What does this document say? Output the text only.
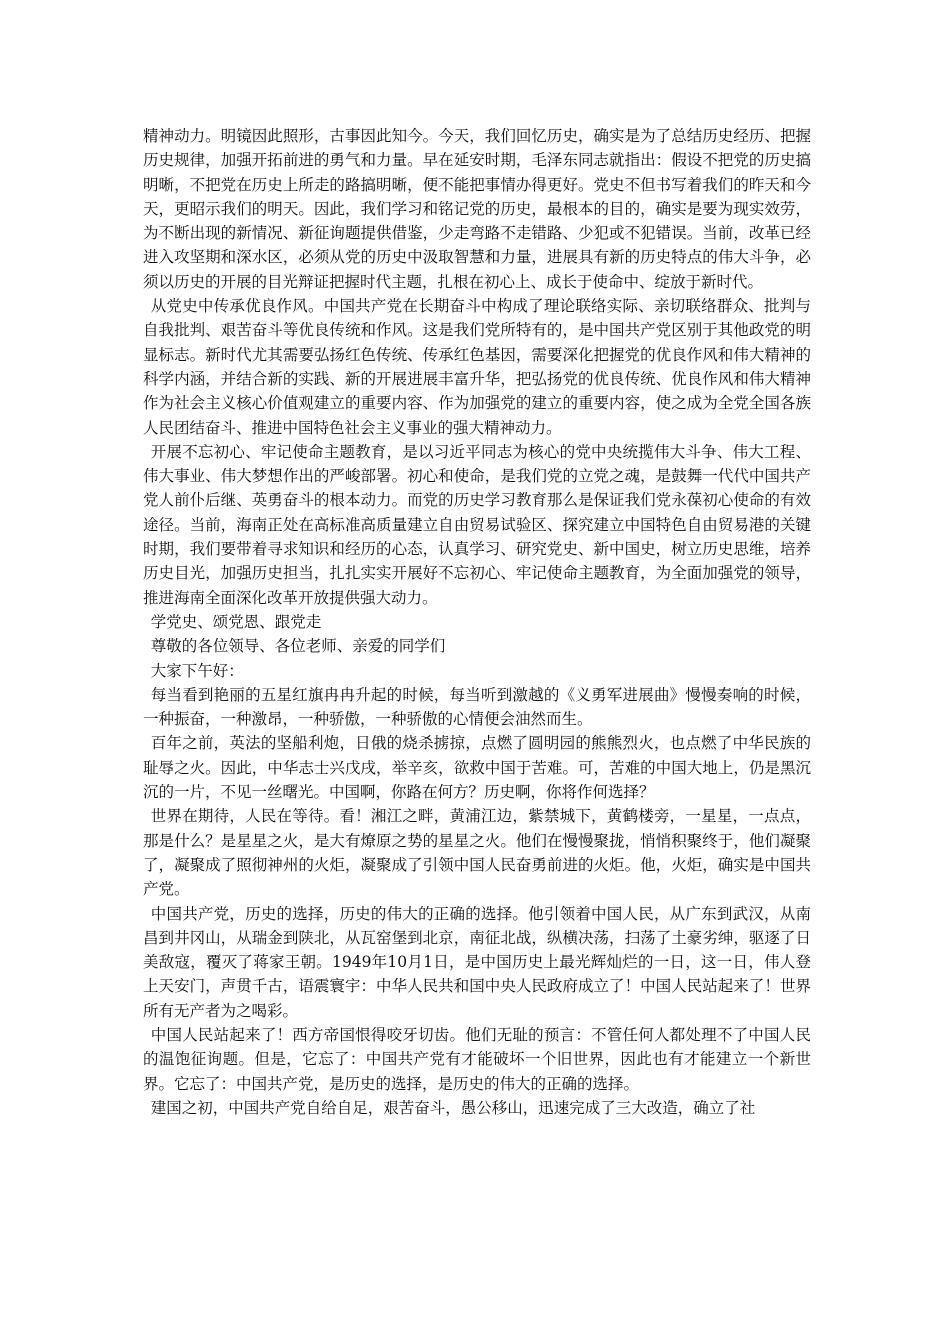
精神动力。明镜因此照形，古事因此知今。今天，我们回忆历史，确实是为了总结历史经历、把握历史规律，加强开拓前进的勇气和力量。早在延安时期，毛泽东同志就指出：假设不把党的历史搞明晰，不把党在历史上所走的路搞明晰，便不能把事情办得更好。党史不但书写着我们的昨天和今天，更昭示我们的明天。因此，我们学习和铭记党的历史，最根本的目的，确实是要为现实效劳，为不断出现的新情况、新征询题提供借鉴，少走弯路不走错路、少犯或不犯错误。当前，改革已经进入攻坚期和深水区，必须从党的历史中汲取智慧和力量，进展具有新的历史特点的伟大斗争，必须以历史的开展的目光辩证把握时代主题，扎根在初心上、成长于使命中、绽放于新时代。

从党史中传承优良作风。中国共产党在长期奋斗中构成了理论联络实际、亲切联络群众、批判与自我批判、艰苦奋斗等优良传统和作风。这是我们党所特有的，是中国共产党区别于其他政党的明显标志。新时代尤其需要弘扬红色传统、传承红色基因，需要深化把握党的优良作风和伟大精神的科学内涵，并结合新的实践、新的开展进展丰富升华，把弘扬党的优良传统、优良作风和伟大精神作为社会主义核心价值观建立的重要内容、作为加强党的建立的重要内容，使之成为全党全国各族人民团结奋斗、推进中国特色社会主义事业的强大精神动力。

开展不忘初心、牢记使命主题教育，是以习近平同志为核心的党中央统揽伟大斗争、伟大工程、伟大事业、伟大梦想作出的严峻部署。初心和使命，是我们党的立党之魂，是鼓舞一代代中国共产党人前仆后继、英勇奋斗的根本动力。而党的历史学习教育那么是保证我们党永葆初心使命的有效途径。当前，海南正处在高标准高质量建立自由贸易试验区、探究建立中国特色自由贸易港的关键时期，我们要带着寻求知识和经历的心态，认真学习、研究党史、新中国史，树立历史思维，培养历史目光，加强历史担当，扎扎实实开展好不忘初心、牢记使命主题教育，为全面加强党的领导，推进海南全面深化改革开放提供强大动力。

学党史、颂党恩、跟党走

尊敬的各位领导、各位老师、亲爱的同学们

大家下午好：

每当看到艳丽的五星红旗冉冉升起的时候，每当听到激越的《义勇军进展曲》慢慢奏响的时候，一种振奋，一种激昂，一种骄傲，一种骄傲的心情便会油然而生。

百年之前，英法的坚船利炮，日俄的烧杀掳掠，点燃了圆明园的熊熊烈火，也点燃了中华民族的耻辱之火。因此，中华志士兴戊戌，举辛亥，欲救中国于苦难。可，苦难的中国大地上，仍是黑沉沉的一片，不见一丝曙光。中国啊，你路在何方？历史啊，你将作何选择？

世界在期待，人民在等待。看！湘江之畔，黄浦江边，紫禁城下，黄鹤楼旁，一星星，一点点，那是什么？是星星之火，是大有燎原之势的星星之火。他们在慢慢聚拢，悄悄积聚终于，他们凝聚了，凝聚成了照彻神州的火炬，凝聚成了引领中国人民奋勇前进的火炬。他，火炬，确实是中国共产党。

中国共产党，历史的选择，历史的伟大的正确的选择。他引领着中国人民，从广东到武汉，从南昌到井冈山，从瑞金到陕北，从瓦窑堡到北京，南征北战，纵横决荡，扫荡了土豪劣绅，驱逐了日美敌寇，覆灭了蒋家王朝。1949年10月1日，是中国历史上最光辉灿烂的一日，这一日，伟人登上天安门，声贯千古，语震寰宇：中华人民共和国中央人民政府成立了！中国人民站起来了！世界所有无产者为之喝彩。

中国人民站起来了！西方帝国恨得咬牙切齿。他们无耻的预言：不管任何人都处理不了中国人民的温饱征询题。但是，它忘了：中国共产党有才能破坏一个旧世界，因此也有才能建立一个新世界。它忘了：中国共产党，是历史的选择，是历史的伟大的正确的选择。

建国之初，中国共产党自给自足，艰苦奋斗，愚公移山，迅速完成了三大改造，确立了社
